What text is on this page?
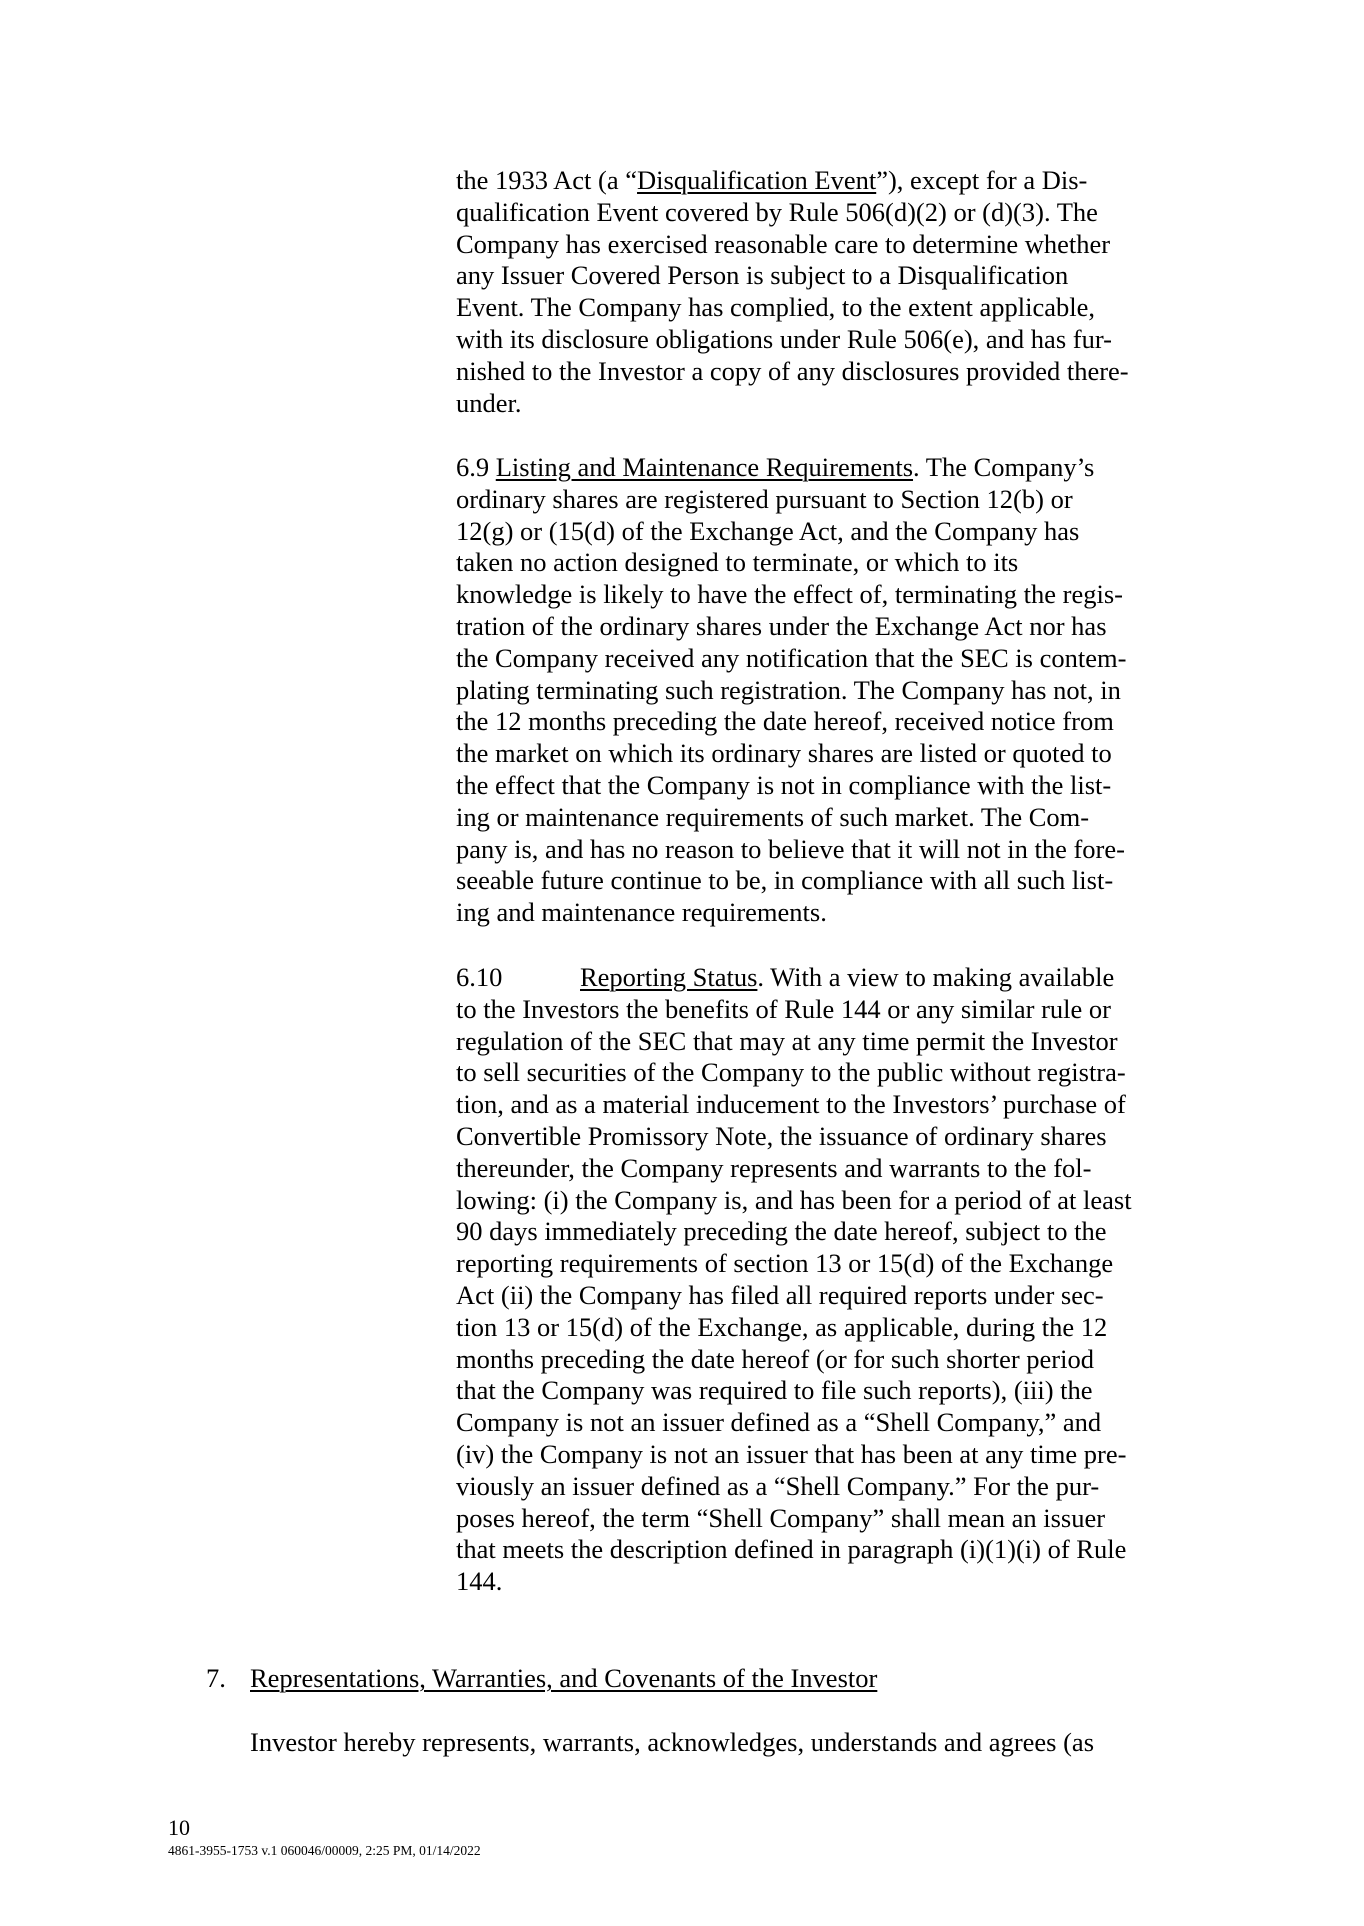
the 1933 Act (a “Disqualification Event”), except for a Dis-
qualification Event covered by Rule 506(d)(2) or (d)(3). The
Company has exercised reasonable care to determine whether
any Issuer Covered Person is subject to a Disqualification
Event. The Company has complied, to the extent applicable,
with its disclosure obligations under Rule 506(e), and has fur-
nished to the Investor a copy of any disclosures provided there-
under.
6.9 Listing and Maintenance Requirements. The Company’s
ordinary shares are registered pursuant to Section 12(b) or
12(g) or (15(d) of the Exchange Act, and the Company has
taken no action designed to terminate, or which to its
knowledge is likely to have the effect of, terminating the regis-
tration of the ordinary shares under the Exchange Act nor has
the Company received any notification that the SEC is contem-
plating terminating such registration. The Company has not, in
the 12 months preceding the date hereof, received notice from
the market on which its ordinary shares are listed or quoted to
the effect that the Company is not in compliance with the list-
ing or maintenance requirements of such market. The Com-
pany is, and has no reason to believe that it will not in the fore-
seeable future continue to be, in compliance with all such list-
ing and maintenance requirements.
6.10	Reporting Status. With a view to making available
to the Investors the benefits of Rule 144 or any similar rule or
regulation of the SEC that may at any time permit the Investor
to sell securities of the Company to the public without registra-
tion, and as a material inducement to the Investors’ purchase of
Convertible Promissory Note, the issuance of ordinary shares
thereunder, the Company represents and warrants to the fol-
lowing: (i) the Company is, and has been for a period of at least
90 days immediately preceding the date hereof, subject to the
reporting requirements of section 13 or 15(d) of the Exchange
Act (ii) the Company has filed all required reports under sec-
tion 13 or 15(d) of the Exchange, as applicable, during the 12
months preceding the date hereof (or for such shorter period
that the Company was required to file such reports), (iii) the
Company is not an issuer defined as a “Shell Company,” and
(iv) the Company is not an issuer that has been at any time pre-
viously an issuer defined as a “Shell Company.” For the pur-
poses hereof, the term “Shell Company” shall mean an issuer
that meets the description defined in paragraph (i)(1)(i) of Rule
144.
7. Representations, Warranties, and Covenants of the Investor
Investor hereby represents, warrants, acknowledges, understands and agrees (as
10
4861-3955-1753 v.1 060046/00009, 2:25 PM, 01/14/2022
